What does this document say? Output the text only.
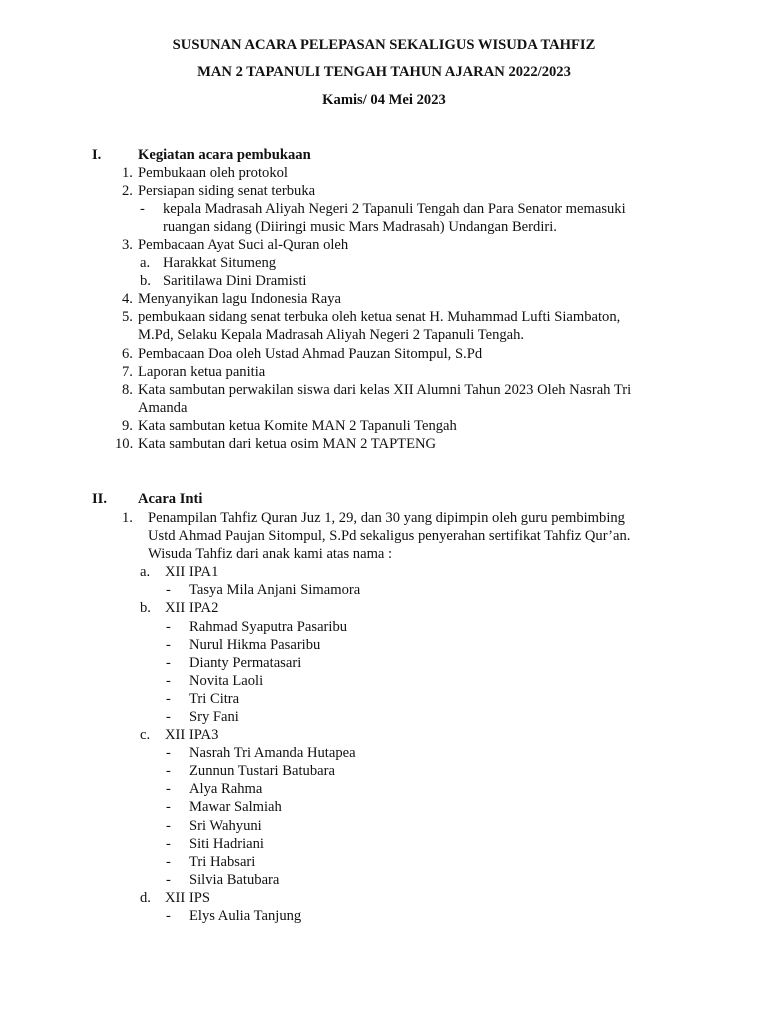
SUSUNAN ACARA PELEPASAN SEKALIGUS WISUDA TAHFIZ
MAN 2 TAPANULI TENGAH TAHUN AJARAN 2022/2023
Kamis/ 04 Mei 2023
I.	Kegiatan acara pembukaan
1. Pembukaan oleh protokol
2. Persiapan siding senat terbuka
- kepala Madrasah Aliyah Negeri 2 Tapanuli Tengah dan Para Senator memasuki
ruangan sidang (Diiringi music Mars Madrasah) Undangan Berdiri.
3. Pembacaan Ayat Suci al-Quran oleh
a. Harakkat Situmeng
b. Saritilawa Dini Dramisti
4. Menyanyikan lagu Indonesia Raya
5. pembukaan sidang senat terbuka oleh ketua senat H. Muhammad Lufti Siambaton,
M.Pd, Selaku Kepala Madrasah Aliyah Negeri 2 Tapanuli Tengah.
6. Pembacaan Doa oleh Ustad Ahmad Pauzan Sitompul, S.Pd
7. Laporan ketua panitia
8. Kata sambutan perwakilan siswa dari kelas XII Alumni Tahun 2023 Oleh Nasrah Tri
Amanda
9. Kata sambutan ketua Komite MAN 2 Tapanuli Tengah
10. Kata sambutan dari ketua osim MAN 2 TAPTENG
II. Acara Inti
1. Penampilan Tahfiz Quran Juz 1, 29, dan 30 yang dipimpin oleh guru pembimbing
Ustd Ahmad Paujan Sitompul, S.Pd sekaligus penyerahan sertifikat Tahfiz Qur’an.
Wisuda Tahfiz dari anak kami atas nama :
a. XII IPA1
- Tasya Mila Anjani Simamora
b. XII IPA2
- Rahmad Syaputra Pasaribu
- Nurul Hikma Pasaribu
- Dianty Permatasari
- Novita Laoli
- Tri Citra
- Sry Fani
c. XII IPA3
- Nasrah Tri Amanda Hutapea
- Zunnun Tustari Batubara
- Alya Rahma
- Mawar Salmiah
- Sri Wahyuni
- Siti Hadriani
- Tri Habsari
- Silvia Batubara
d. XII IPS
- Elys Aulia Tanjung
